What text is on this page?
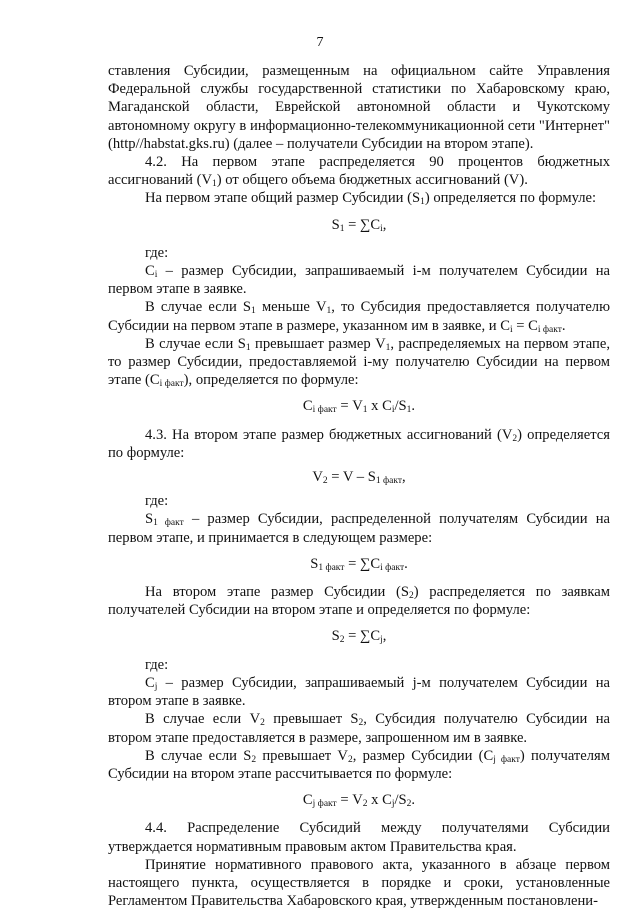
7

ставления Субсидии, размещенным на официальном сайте Управления Федеральной службы государственной статистики по Хабаровскому краю, Магаданской области, Еврейской автономной области и Чукотскому автономному округу в информационно-телекоммуникационной сети "Интернет" (http//habstat.gks.ru) (далее – получатели Субсидии на втором этапе).

4.2. На первом этапе распределяется 90 процентов бюджетных ассигнований $(V_1)$ от общего объема бюджетных ассигнований (V).

На первом этапе общий размер Субсидии $(S_1)$ определяется по формуле:

$S_1 = \sum C_i$,

где:

$C_i$ – размер Субсидии, запрашиваемый i-м получателем Субсидии на первом этапе в заявке.

В случае если $S_1$ меньше $V_1$, то Субсидия предоставляется получателю Субсидии на первом этапе в размере, указанном им в заявке, и $C_i = C_{i факт}$.

В случае если $S_1$ превышает размер $V_1$, распределяемых на первом этапе, то размер Субсидии, предоставляемой i-му получателю Субсидии на первом этапе $(C_{i факт})$, определяется по формуле:

$C_{i факт} = V_1$ x $C_i/S_1$.

4.3. На втором этапе размер бюджетных ассигнований $(V_2)$ определяется по формуле:

$V_2 = V - S_{1 факт}$,

где:

$S_{1 факт}$ – размер Субсидии, распределенной получателям Субсидии на первом этапе, и принимается в следующем размере:

$S_{1 факт} = \sum C_{i факт}$.

На втором этапе размер Субсидии $(S_2)$ распределяется по заявкам получателей Субсидии на втором этапе и определяется по формуле:

$S_2 = \sum C_j$,

где:

$C_j$ – размер Субсидии, запрашиваемый j-м получателем Субсидии на втором этапе в заявке.

В случае если $V_2$ превышает $S_2$, Субсидия получателю Субсидии на втором этапе предоставляется в размере, запрошенном им в заявке.

В случае если $S_2$ превышает $V_2$, размер Субсидии $(C_{j факт})$ получателям Субсидии на втором этапе рассчитывается по формуле:

$C_{j факт} = V_2$ x $C_j/S_2$.

4.4. Распределение Субсидий между получателями Субсидии утверждается нормативным правовым актом Правительства края.

Принятие нормативного правового акта, указанного в абзаце первом настоящего пункта, осуществляется в порядке и сроки, установленные Регламентом Правительства Хабаровского края, утвержденным постановлени-
